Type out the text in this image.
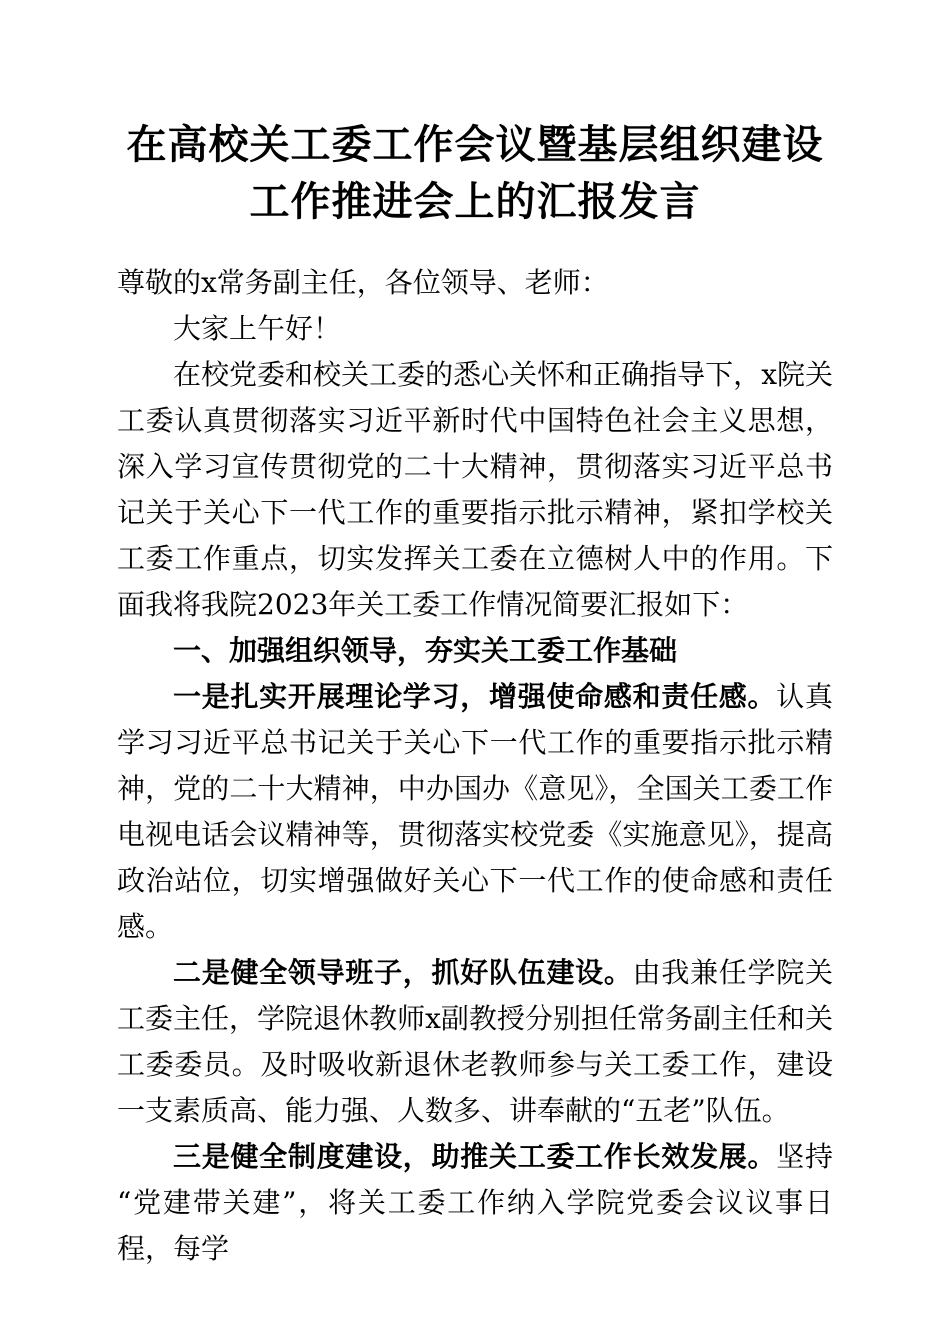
在高校关工委工作会议暨基层组织建设工作推进会上的汇报发言

尊敬的x常务副主任，各位领导、老师：

大家上午好！

在校党委和校关工委的悉心关怀和正确指导下，x院关工委认真贯彻落实习近平新时代中国特色社会主义思想，深入学习宣传贯彻党的二十大精神，贯彻落实习近平总书记关于关心下一代工作的重要指示批示精神，紧扣学校关工委工作重点，切实发挥关工委在立德树人中的作用。下面我将我院2023年关工委工作情况简要汇报如下：

一、加强组织领导，夯实关工委工作基础

一是扎实开展理论学习，增强使命感和责任感。认真学习习近平总书记关于关心下一代工作的重要指示批示精神，党的二十大精神，中办国办《意见》，全国关工委工作电视电话会议精神等，贯彻落实校党委《实施意见》，提高政治站位，切实增强做好关心下一代工作的使命感和责任感。

二是健全领导班子，抓好队伍建设。由我兼任学院关工委主任，学院退休教师x副教授分别担任常务副主任和关工委委员。及时吸收新退休老教师参与关工委工作，建设一支素质高、能力强、人数多、讲奉献的“五老”队伍。

三是健全制度建设，助推关工委工作长效发展。坚持“党建带关建”，将关工委工作纳入学院党委会议议事日程，每学
